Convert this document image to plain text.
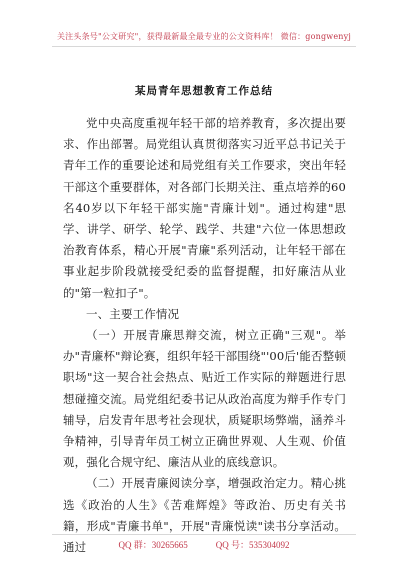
关注头条号"公文研究"，获得最新最全最专业的公文资料库！ 微信：gongwenyj
某局青年思想教育工作总结

党中央高度重视年轻干部的培养教育，多次提出要求、作出部署。局党组认真贯彻落实习近平总书记关于青年工作的重要论述和局党组有关工作要求，突出年轻干部这个重要群体，对各部门长期关注、重点培养的60名40岁以下年轻干部实施"青廉计划"。通过构建"思学、讲学、研学、轮学、践学、共建"六位一体思想政治教育体系，精心开展"青廉"系列活动，让年轻干部在事业起步阶段就接受纪委的监督提醒，扣好廉洁从业的"第一粒扣子"。

一、主要工作情况

（一）开展青廉思辩交流，树立正确"三观"。举办"青廉杯"辩论赛，组织年轻干部围绕"'00后'能否整顿职场"这一契合社会热点、贴近工作实际的辩题进行思想碰撞交流。局党组纪委书记从政治高度为辩手作专门辅导，启发青年思考社会现状，质疑职场弊端，涵养斗争精神，引导青年员工树立正确世界观、人生观、价值观，强化合规守纪、廉洁从业的底线意识。

（二）开展青廉阅读分享，增强政治定力。精心挑选《政治的人生》《苦难辉煌》等政治、历史有关书籍，形成"青廉书单"，开展"青廉悦读"读书分享活动。通过	QQ 群：30265665	QQ 号：535304092
